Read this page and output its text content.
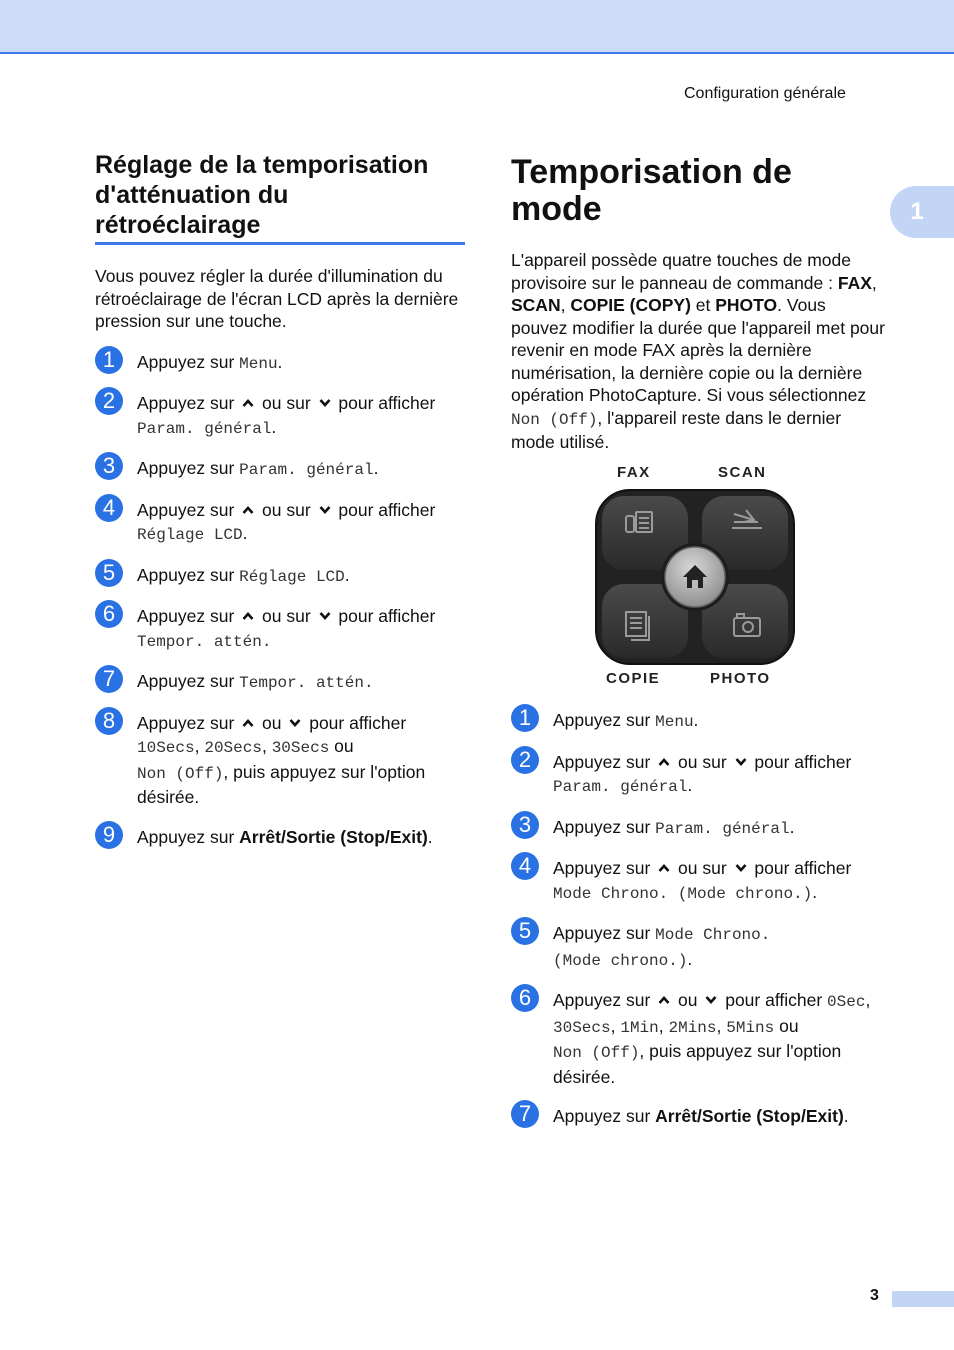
Configuration générale
1
Réglage de la temporisation
d'atténuation du
rétroéclairage

Vous pouvez régler la durée d'illumination du rétroéclairage de l'écran LCD après la dernière pression sur une touche.

1	Appuyez sur Menu.
2	Appuyez sur
ou sur
pour afficher
Param. général.
3	Appuyez sur Param. général.
4	Appuyez sur
ou sur
pour afficher
Réglage LCD.
5	Appuyez sur Réglage LCD.
6	Appuyez sur
ou sur
pour afficher
Tempor. attén.
7	Appuyez sur Tempor. attén.
8	Appuyez sur
ou
pour afficher
10Secs, 20Secs, 30Secs ou
Non (Off), puis appuyez sur l'option désirée.
9	Appuyez sur Arrêt/Sortie (Stop/Exit).
Temporisation de
mode

L'appareil possède quatre touches de mode provisoire sur le panneau de commande : FAX, SCAN, COPIE (COPY) et PHOTO. Vous pouvez modifier la durée que l'appareil met pour revenir en mode FAX après la dernière numérisation, la dernière copie ou la dernière opération PhotoCapture. Si vous sélectionnez Non (Off), l'appareil reste dans le dernier mode utilisé.

FAX	SCAN
COPIE	PHOTO
1	Appuyez sur Menu.
2	Appuyez sur
ou sur
pour afficher
Param. général.
3	Appuyez sur Param. général.
4	Appuyez sur
ou sur
pour afficher
Mode Chrono. (Mode chrono.).
5	Appuyez sur Mode Chrono.
(Mode chrono.).
6	Appuyez sur
ou
pour afficher 0Sec,
30Secs, 1Min, 2Mins, 5Mins ou
Non (Off), puis appuyez sur l'option désirée.
7	Appuyez sur Arrêt/Sortie (Stop/Exit).
3
